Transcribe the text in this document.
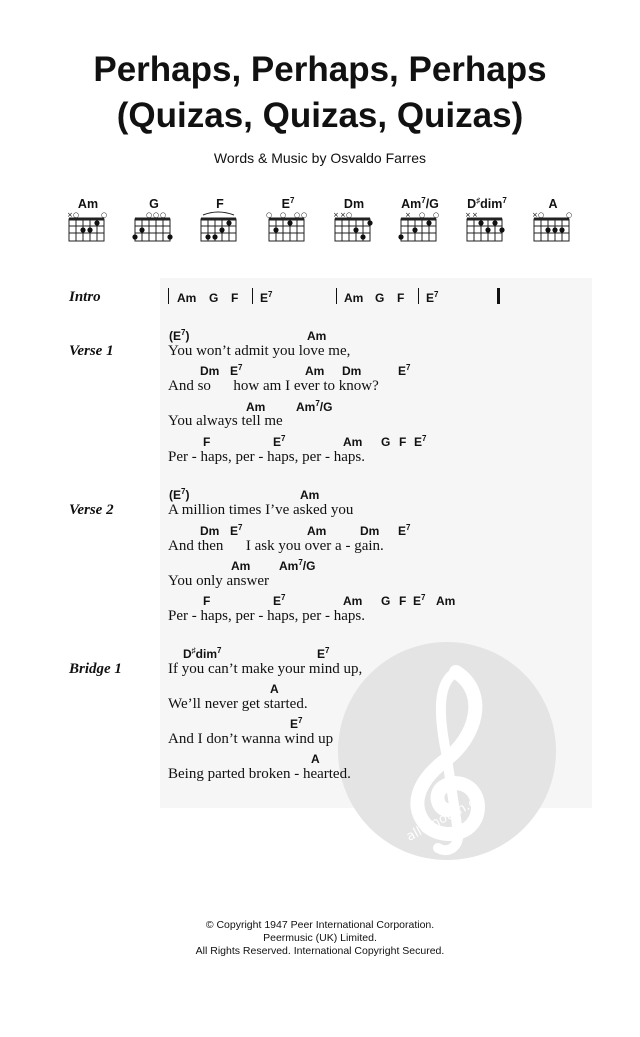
Perhaps, Perhaps, Perhaps
(Quizas, Quizas, Quizas)
Words & Music by Osvaldo Farres
Am
× ○	○
G
○ ○ ○
F	$E^7$
○ ○ ○ ○
Dm
× × ○
$Am^7/G$
× ○ ○
D♯dim$^7$
× ×
A
× ○	○
alle-noten.de
Intro	Am G F $E^7$	Am G F $E^7$
Verse 1
$(E^7)$	Am
You won’t admit you love me,
Dm $E^7$	Am Dm	$E^7$
And so      how am I ever to know?
Am	Am$^7$/G
You always tell me
F	$E^7$	Am G F $E^7$
Per - haps, per - haps, per - haps.
Verse 2
$(E^7)$	Am
A million times I’ve asked you
Dm $E^7$	Am	Dm $E^7$
And then      I ask you over a - gain.
Am Am$^7$/G
You only answer
F	$E^7$	Am G F $E^7$ Am
Per - haps, per - haps, per - haps.
Bridge 1
D♯dim$^7$	$E^7$
If you can’t make your mind up,
A
We’ll never get started.
$E^7$
And I don’t wanna wind up
A
Being parted broken - hearted.
© Copyright 1947 Peer International Corporation.
Peermusic (UK) Limited.
All Rights Reserved. International Copyright Secured.
